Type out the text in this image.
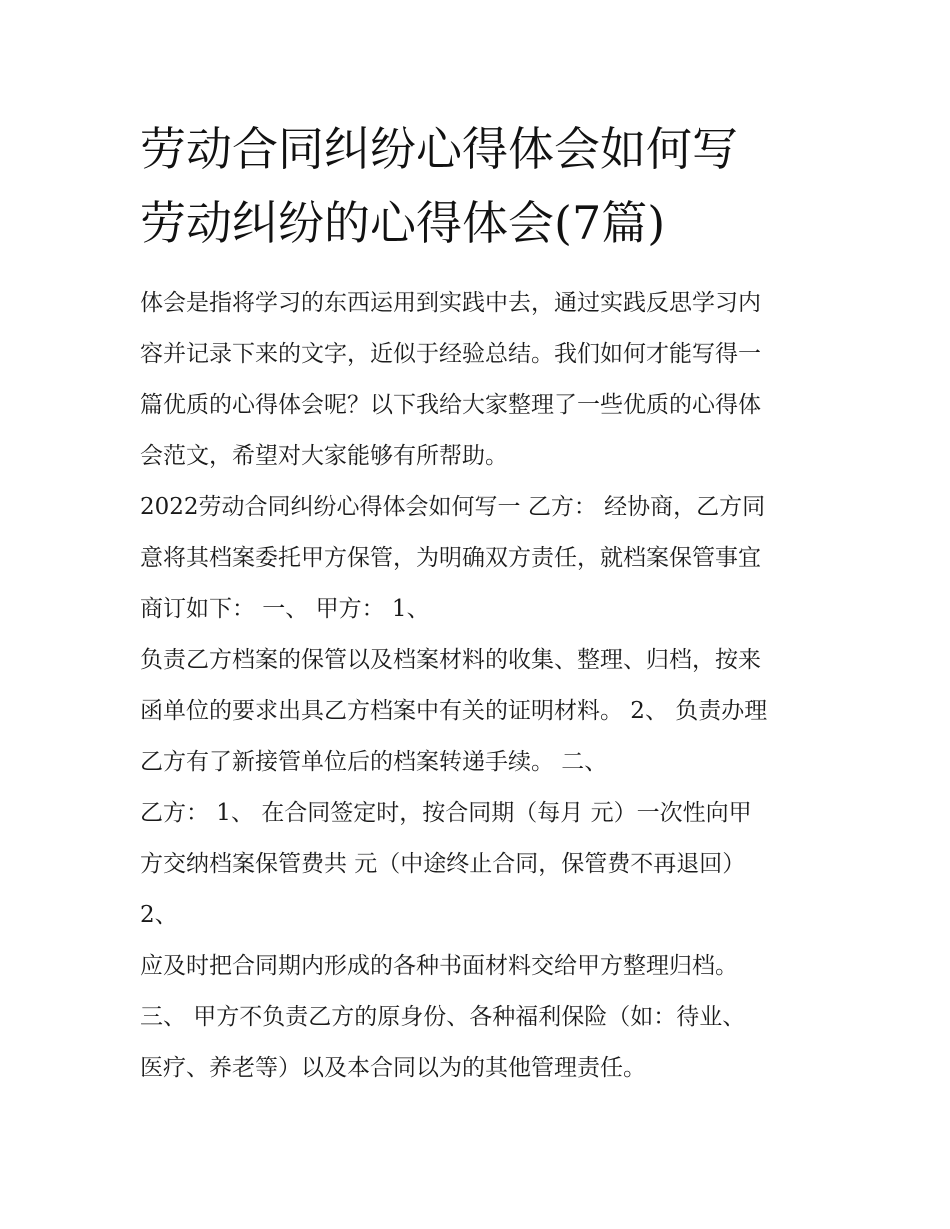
劳动合同纠纷心得体会如何写
劳动纠纷的心得体会(7篇)
体会是指将学习的东西运用到实践中去，通过实践反思学习内
容并记录下来的文字，近似于经验总结。我们如何才能写得一
篇优质的心得体会呢？以下我给大家整理了一些优质的心得体
会范文，希望对大家能够有所帮助。
2022劳动合同纠纷心得体会如何写一 乙方： 经协商，乙方同
意将其档案委托甲方保管，为明确双方责任，就档案保管事宜
商订如下： 一、 甲方： 1、
负责乙方档案的保管以及档案材料的收集、整理、归档，按来
函单位的要求出具乙方档案中有关的证明材料。 2、 负责办理
乙方有了新接管单位后的档案转递手续。 二、
乙方： 1、 在合同签定时，按合同期（每月 元）一次性向甲
方交纳档案保管费共 元（中途终止合同，保管费不再退回）
2、
应及时把合同期内形成的各种书面材料交给甲方整理归档。
三、 甲方不负责乙方的原身份、各种福利保险（如：待业、
医疗、养老等）以及本合同以为的其他管理责任。
